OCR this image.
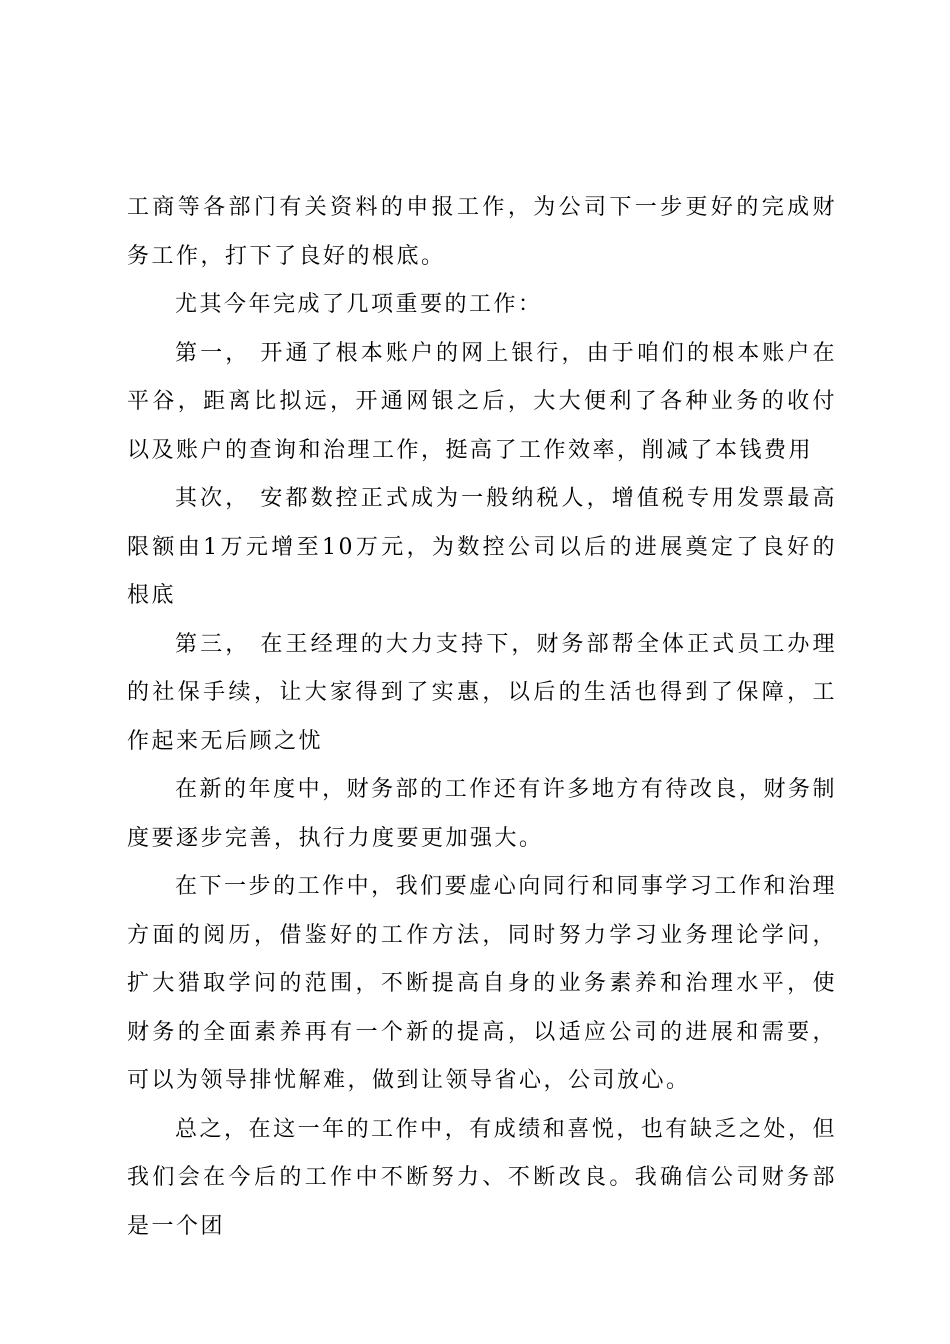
工商等各部门有关资料的申报工作，为公司下一步更好的完成财务工作，打下了良好的根底。

尤其今年完成了几项重要的工作：

第一， 开通了根本账户的网上银行，由于咱们的根本账户在平谷，距离比拟远，开通网银之后，大大便利了各种业务的收付以及账户的查询和治理工作，挺高了工作效率，削减了本钱费用

其次， 安都数控正式成为一般纳税人，增值税专用发票最高限额由1万元增至10万元，为数控公司以后的进展奠定了良好的根底

第三， 在王经理的大力支持下，财务部帮全体正式员工办理的社保手续，让大家得到了实惠，以后的生活也得到了保障，工作起来无后顾之忧

在新的年度中，财务部的工作还有许多地方有待改良，财务制度要逐步完善，执行力度要更加强大。

在下一步的工作中，我们要虚心向同行和同事学习工作和治理方面的阅历，借鉴好的工作方法，同时努力学习业务理论学问，扩大猎取学问的范围，不断提高自身的业务素养和治理水平，使财务的全面素养再有一个新的提高，以适应公司的进展和需要，可以为领导排忧解难，做到让领导省心，公司放心。

总之，在这一年的工作中，有成绩和喜悦，也有缺乏之处，但我们会在今后的工作中不断努力、不断改良。我确信公司财务部是一个团
